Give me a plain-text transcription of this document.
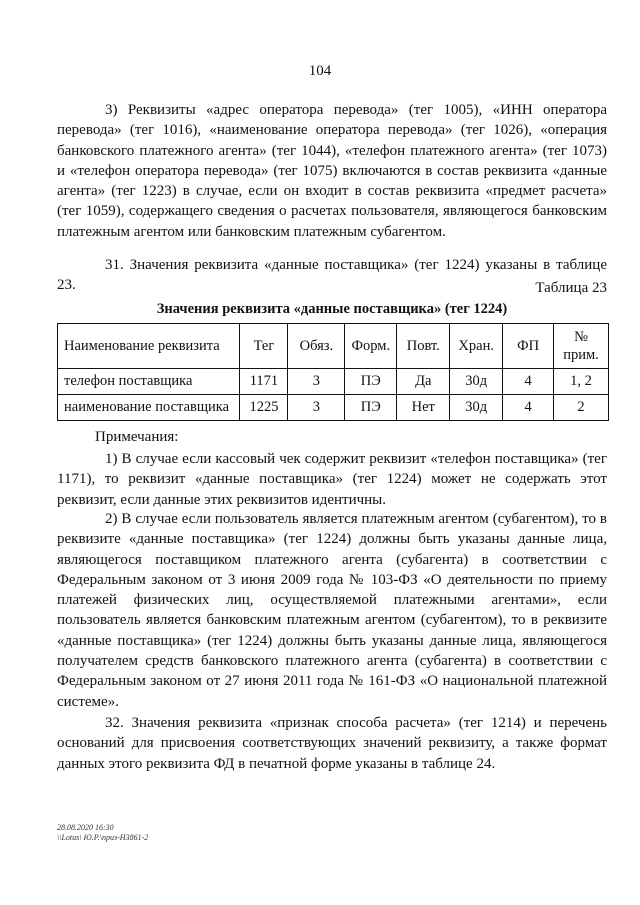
104

3) Реквизиты «адрес оператора перевода» (тег 1005), «ИНН оператора перевода» (тег 1016), «наименование оператора перевода» (тег 1026), «операция банковского платежного агента» (тег 1044), «телефон платежного агента» (тег 1073) и «телефон оператора перевода» (тег 1075) включаются в состав реквизита «данные агента» (тег 1223) в случае, если он входит в состав реквизита «предмет расчета» (тег 1059), содержащего сведения о расчетах пользователя, являющегося банковским платежным агентом или банковским платежным субагентом.

31. Значения реквизита «данные поставщика» (тег 1224) указаны в таблице 23.	Таблица 23
Значения реквизита «данные поставщика» (тег 1224)
Наименование реквизита	Тег	Обяз.	Форм.	Повт.	Хран.	ФП	№ прим.
телефон поставщика	1171	3	ПЭ	Да	30д	4	1, 2
наименование поставщика	1225	3	ПЭ	Нет	30д	4	2
Примечания:

1) В случае если кассовый чек содержит реквизит «телефон поставщика» (тег 1171), то реквизит «данные поставщика» (тег 1224) может не содержать этот реквизит, если данные этих реквизитов идентичны.

2) В случае если пользователь является платежным агентом (субагентом), то в реквизите «данные поставщика» (тег 1224) должны быть указаны данные лица, являющегося поставщиком платежного агента (субагента) в соответствии с Федеральным законом от 3 июня 2009 года № 103-ФЗ «О деятельности по приему платежей физических лиц, осуществляемой платежными агентами», если пользователь является банковским платежным агентом (субагентом), то в реквизите «данные поставщика» (тег 1224) должны быть указаны данные лица, являющегося получателем средств банковского платежного агента (субагента) в соответствии с Федеральным законом от 27 июня 2011 года № 161-ФЗ «О национальной платежной системе».

32. Значения реквизита «признак способа расчета» (тег 1214) и перечень оснований для присвоения соответствующих значений реквизиту, а также формат данных этого реквизита ФД в печатной форме указаны в таблице 24.

28.08.2020 16:30
\\Lotus\ Ю.Р.\приз-Н3861-2
